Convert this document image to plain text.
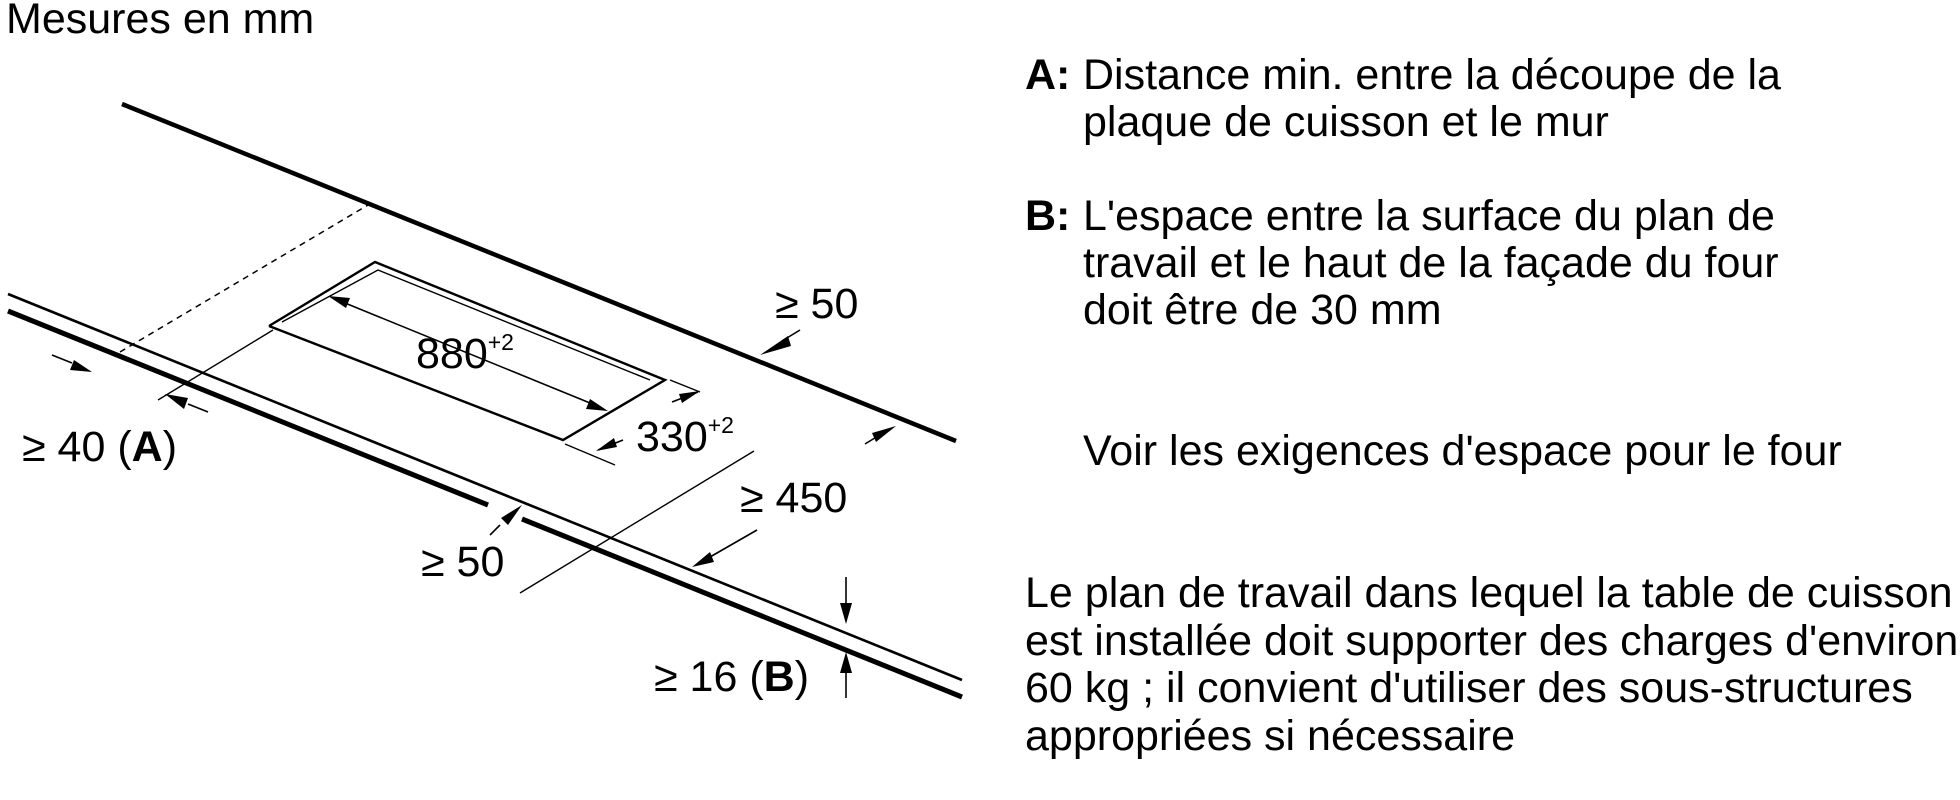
$880^{+2}$
$330^{+2}$
≥ 50
≥ 40 (A)
≥ 50
≥ 450
≥ 16 (B)
Mesures en mm
A: Distance min. entre la découpe de la plaque de cuisson et le mur
B: L'espace entre la surface du plan de travail et le haut de la façade du four doit être de 30 mm
Voir les exigences d'espace pour le four
Le plan de travail dans lequel la table de cuisson est installée doit supporter des charges d'environ 60 kg ; il convient d'utiliser des sous-structures appropriées si nécessaire
